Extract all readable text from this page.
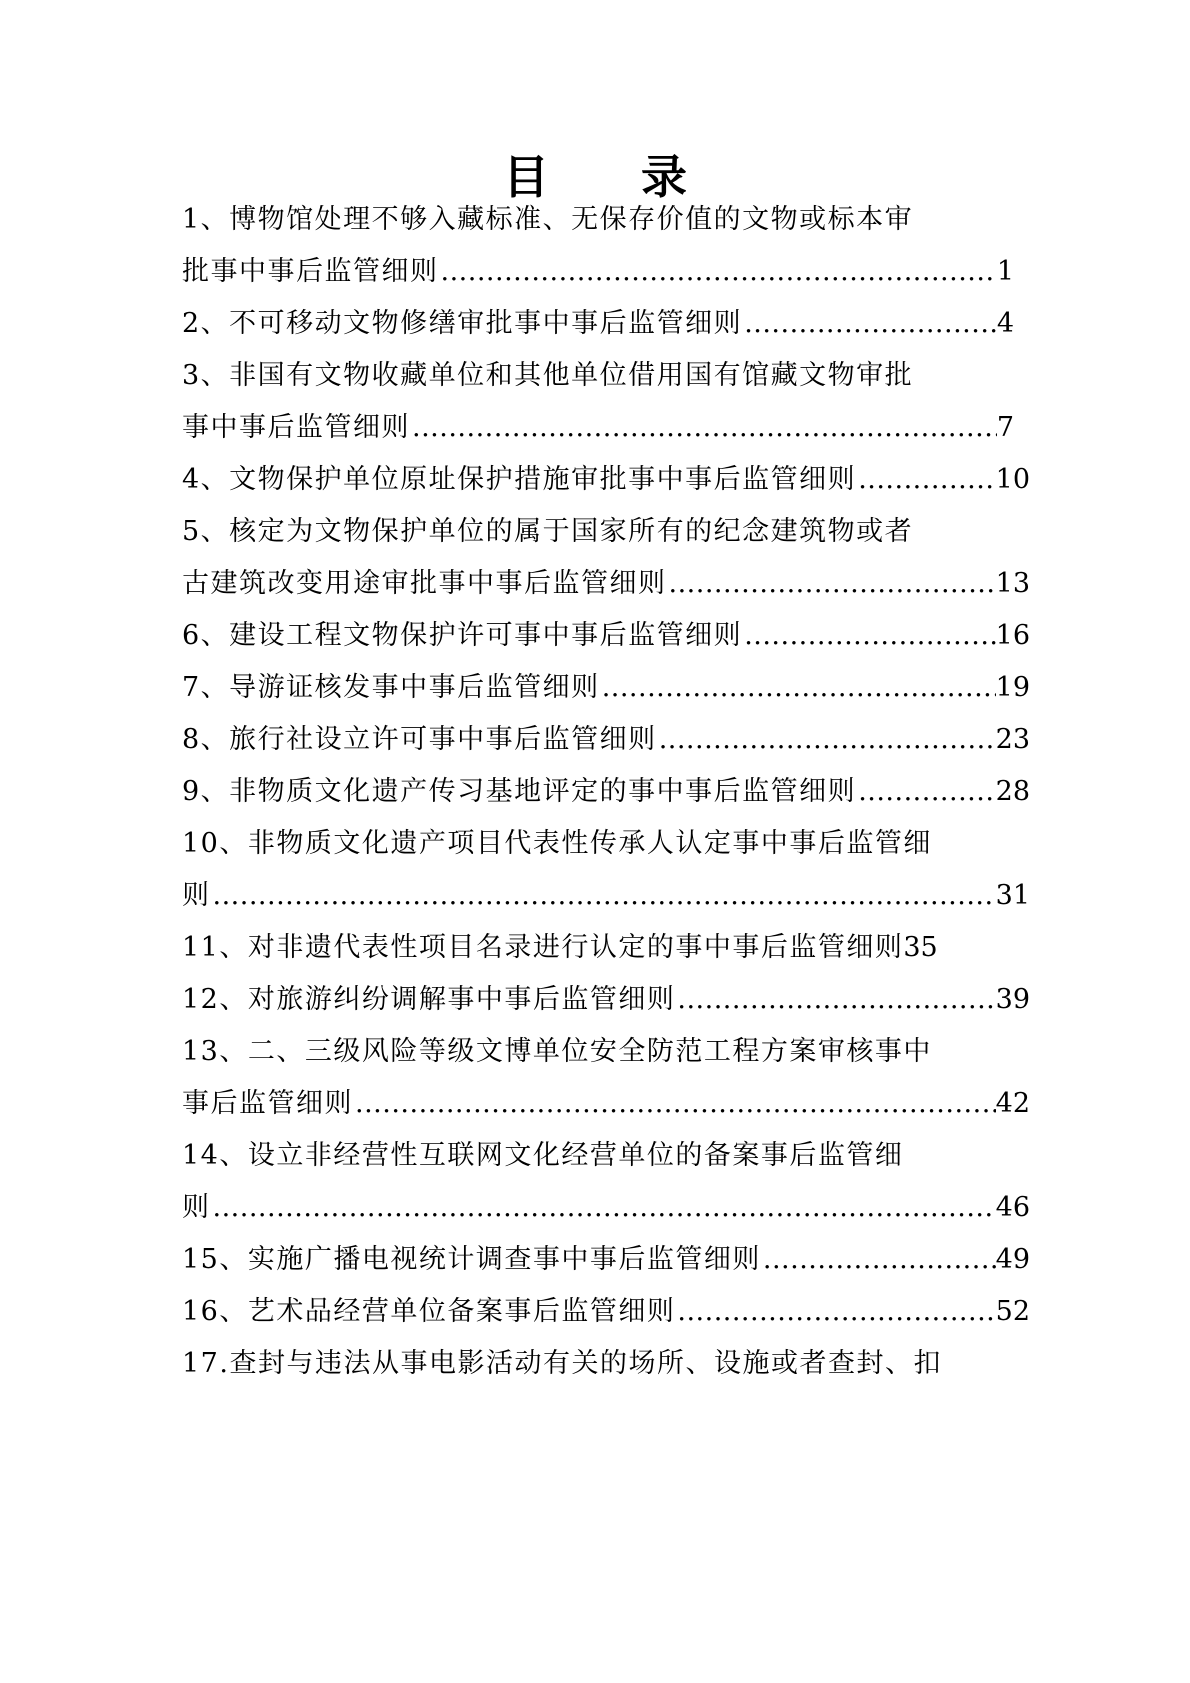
目 录
1、博物馆处理不够入藏标准、无保存价值的文物或标本审
批事中事后监管细则 .....	1
2、不可移动文物修缮审批事中事后监管细则 .....	4
3、非国有文物收藏单位和其他单位借用国有馆藏文物审批
事中事后监管细则 .....	7
4、文物保护单位原址保护措施审批事中事后监管细则 .....	10
5、核定为文物保护单位的属于国家所有的纪念建筑物或者
古建筑改变用途审批事中事后监管细则 .....	13
6、建设工程文物保护许可事中事后监管细则 .....	16
7、导游证核发事中事后监管细则 .....	19
8、旅行社设立许可事中事后监管细则 .....	23
9、非物质文化遗产传习基地评定的事中事后监管细则 .....	28
10、非物质文化遗产项目代表性传承人认定事中事后监管细
则 .....	31
11、对非遗代表性项目名录进行认定的事中事后监管细则 35
12、对旅游纠纷调解事中事后监管细则 .....	39
13、二、三级风险等级文博单位安全防范工程方案审核事中
事后监管细则 .....	42
14、设立非经营性互联网文化经营单位的备案事后监管细
则 .....	46
15、实施广播电视统计调查事中事后监管细则 .....	49
16、艺术品经营单位备案事后监管细则 .....	52
17.查封与违法从事电影活动有关的场所、设施或者查封、扣
